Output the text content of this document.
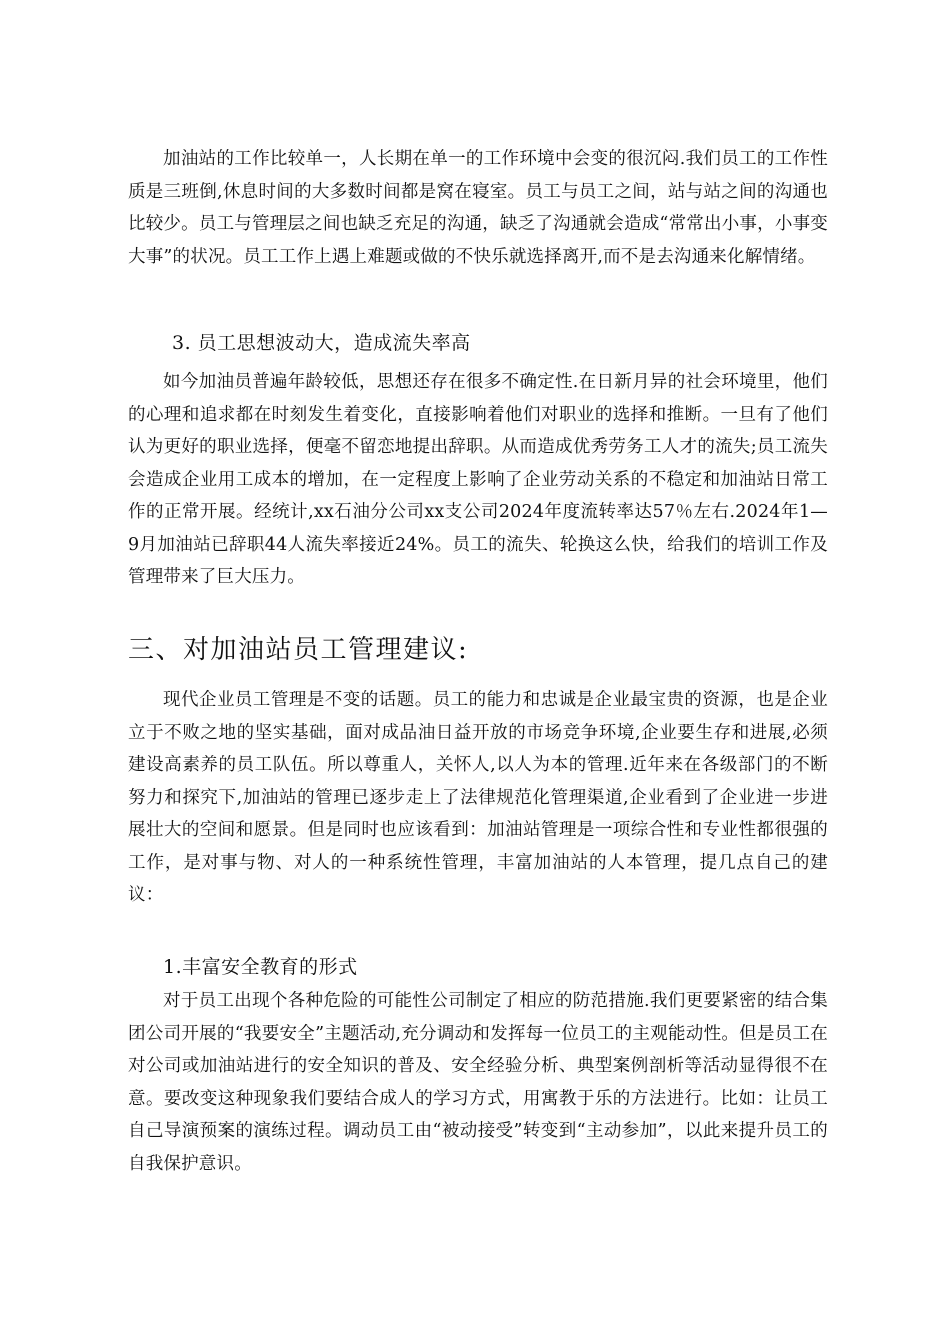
加油站的工作比较单一，人长期在单一的工作环境中会变的很沉闷.我们员工的工作性质是三班倒,休息时间的大多数时间都是窝在寝室。员工与员工之间，站与站之间的沟通也比较少。员工与管理层之间也缺乏充足的沟通，缺乏了沟通就会造成“常常出小事，小事变大事”的状况。员工工作上遇上难题或做的不快乐就选择离开,而不是去沟通来化解情绪。

3. 员工思想波动大，造成流失率高

如今加油员普遍年龄较低，思想还存在很多不确定性.在日新月异的社会环境里，他们的心理和追求都在时刻发生着变化，直接影响着他们对职业的选择和推断。一旦有了他们认为更好的职业选择，便毫不留恋地提出辞职。从而造成优秀劳务工人才的流失;员工流失会造成企业用工成本的增加，在一定程度上影响了企业劳动关系的不稳定和加油站日常工作的正常开展。经统计,xx石油分公司xx支公司2024年度流转率达57％左右.2024年1—9月加油站已辞职44人流失率接近24%。员工的流失、轮换这么快，给我们的培训工作及管理带来了巨大压力。

三、对加油站员工管理建议:

现代企业员工管理是不变的话题。员工的能力和忠诚是企业最宝贵的资源，也是企业立于不败之地的坚实基础，面对成品油日益开放的市场竞争环境,企业要生存和进展,必须建设高素养的员工队伍。所以尊重人，关怀人,以人为本的管理.近年来在各级部门的不断努力和探究下,加油站的管理已逐步走上了法律规范化管理渠道,企业看到了企业进一步进展壮大的空间和愿景。但是同时也应该看到：加油站管理是一项综合性和专业性都很强的工作，是对事与物、对人的一种系统性管理，丰富加油站的人本管理，提几点自己的建议：

1.丰富安全教育的形式

对于员工出现个各种危险的可能性公司制定了相应的防范措施.我们更要紧密的结合集团公司开展的“我要安全”主题活动,充分调动和发挥每一位员工的主观能动性。但是员工在对公司或加油站进行的安全知识的普及、安全经验分析、典型案例剖析等活动显得很不在意。要改变这种现象我们要结合成人的学习方式，用寓教于乐的方法进行。比如：让员工自己导演预案的演练过程。调动员工由“被动接受”转变到“主动参加”，以此来提升员工的自我保护意识。
